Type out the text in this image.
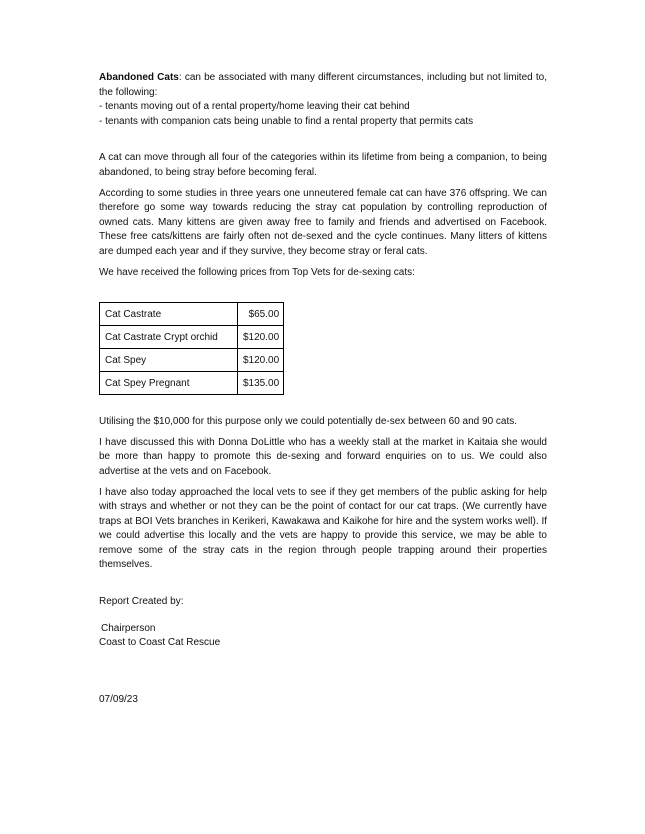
Abandoned Cats: can be associated with many different circumstances, including but not limited to, the following:
- tenants moving out of a rental property/home leaving their cat behind
- tenants with companion cats being unable to find a rental property that permits cats

A cat can move through all four of the categories within its lifetime from being a companion, to being abandoned, to being stray before becoming feral.

According to some studies in three years one unneutered female cat can have 376 offspring. We can therefore go some way towards reducing the stray cat population by controlling reproduction of owned cats. Many kittens are given away free to family and friends and advertised on Facebook. These free cats/kittens are fairly often not de-sexed and the cycle continues. Many litters of kittens are dumped each year and if they survive, they become stray or feral cats.

We have received the following prices from Top Vets for de-sexing cats:

Cat Castrate	$65.00
Cat Castrate Crypt orchid	$120.00
Cat Spey	$120.00
Cat Spey Pregnant	$135.00

Utilising the $10,000 for this purpose only we could potentially de-sex between 60 and 90 cats.

I have discussed this with Donna DoLittle who has a weekly stall at the market in Kaitaia she would be more than happy to promote this de-sexing and forward enquiries on to us. We could also advertise at the vets and on Facebook.

I have also today approached the local vets to see if they get members of the public asking for help with strays and whether or not they can be the point of contact for our cat traps. (We currently have traps at BOI Vets branches in Kerikeri, Kawakawa and Kaikohe for hire and the system works well). If we could advertise this locally and the vets are happy to provide this service, we may be able to remove some of the stray cats in the region through people trapping around their properties themselves.

Report Created by:

Chairperson

Coast to Coast Cat Rescue

07/09/23
